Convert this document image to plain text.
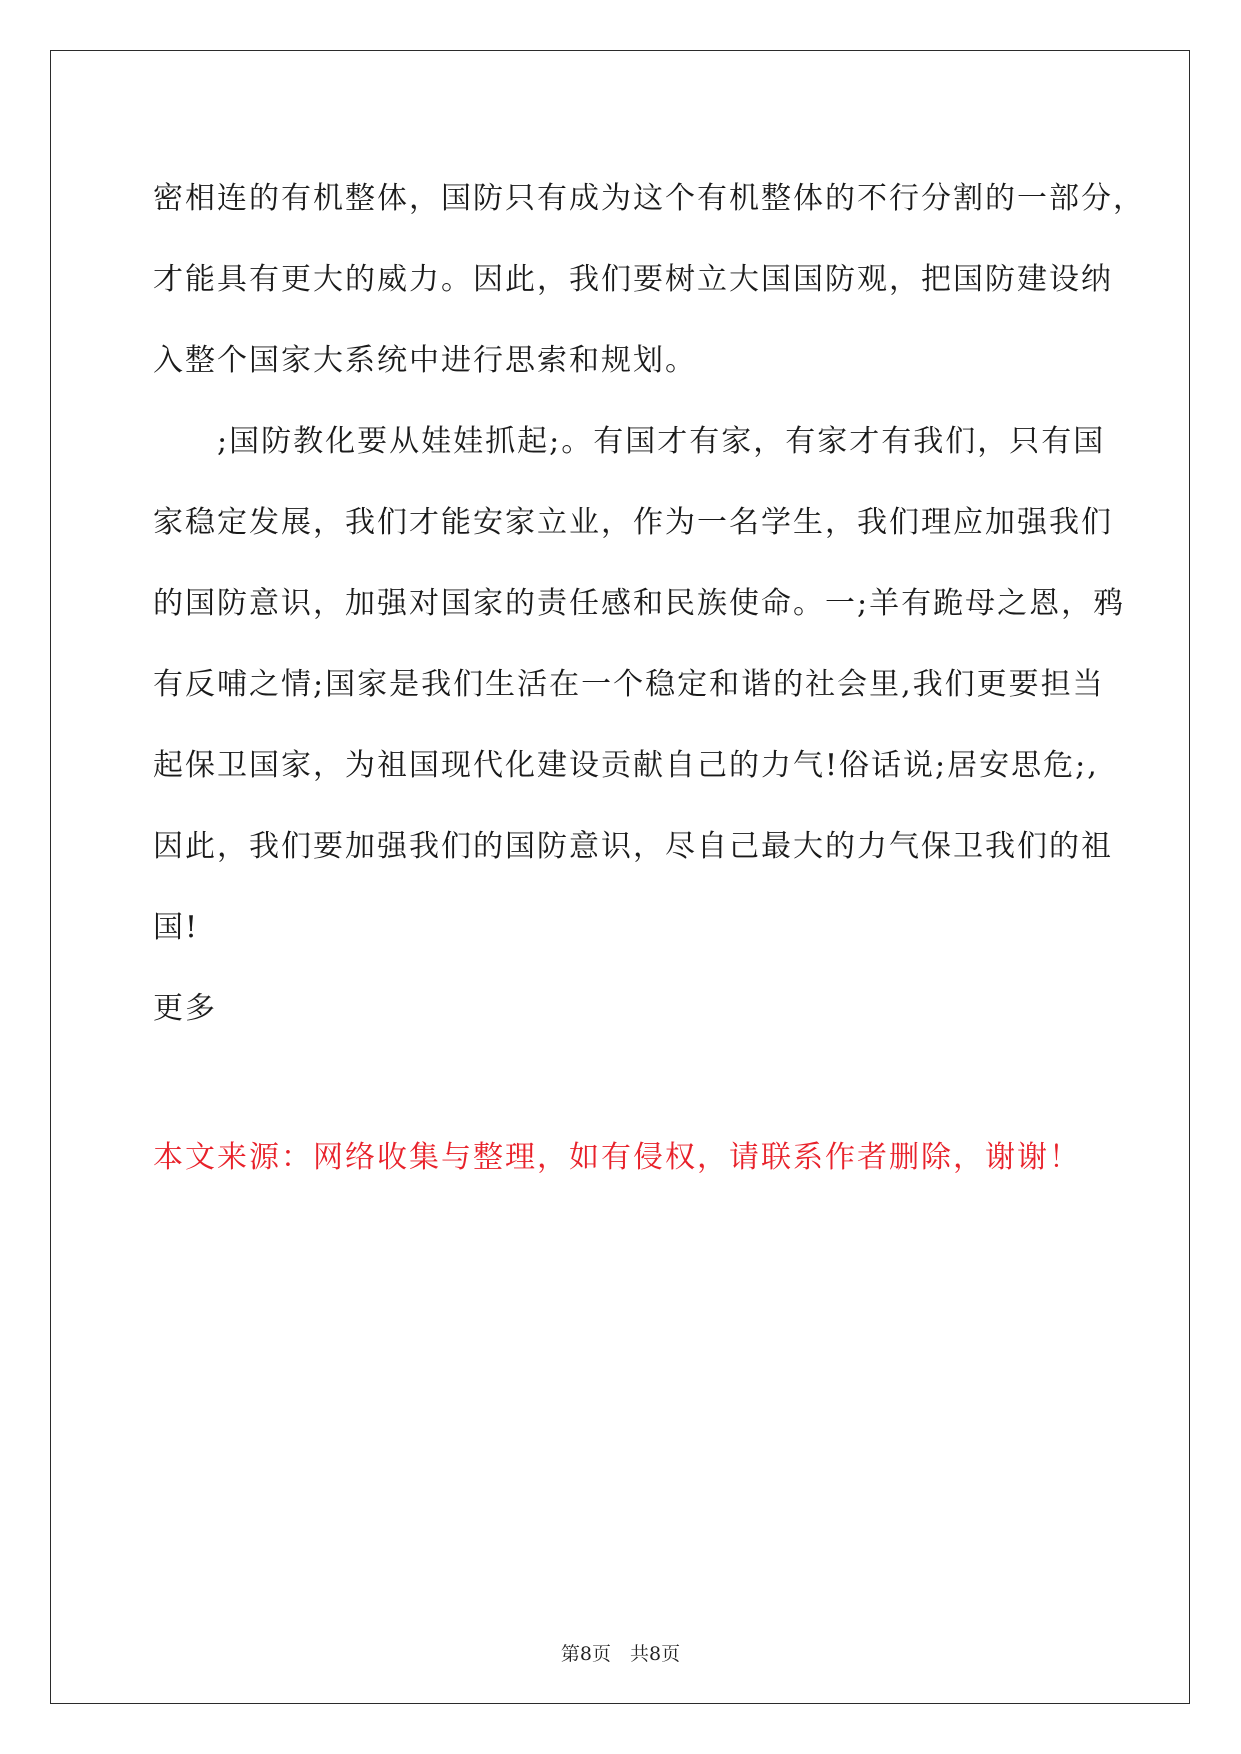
密相连的有机整体，国防只有成为这个有机整体的不行分割的一部分，
才能具有更大的威力。因此，我们要树立大国国防观，把国防建设纳
入整个国家大系统中进行思索和规划。
　　;国防教化要从娃娃抓起;。有国才有家，有家才有我们，只有国
家稳定发展，我们才能安家立业，作为一名学生，我们理应加强我们
的国防意识，加强对国家的责任感和民族使命。一;羊有跪母之恩，鸦
有反哺之情;国家是我们生活在一个稳定和谐的社会里,我们更要担当
起保卫国家，为祖国现代化建设贡献自己的力气!俗话说;居安思危;,
因此，我们要加强我们的国防意识，尽自己最大的力气保卫我们的祖
国!
更多
本文来源：网络收集与整理，如有侵权，请联系作者删除，谢谢！
第8页　共8页
